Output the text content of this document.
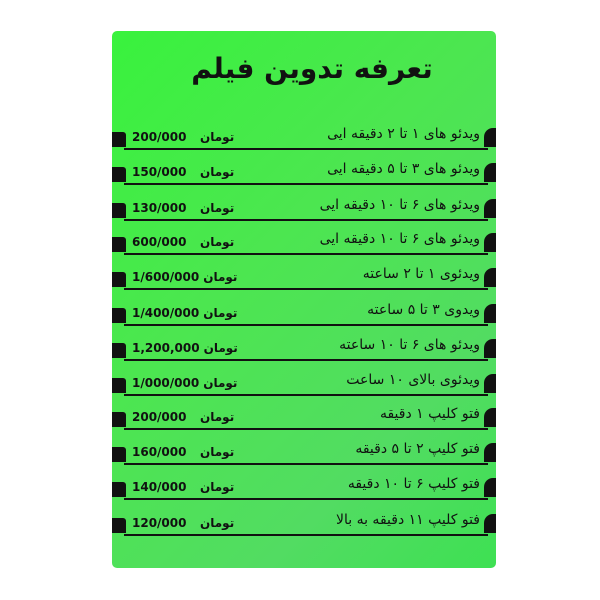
تعرفه تدوین فیلم
200/000 تومان	ویدئو های ۱ تا ۲ دقیقه ایی
150/000 تومان	ویدئو های ۳ تا ۵ دقیقه ایی
130/000 تومان	ویدئو های ۶ تا ۱۰ دقیقه ایی
600/000 تومان	ویدئو های ۶ تا ۱۰ دقیقه ایی
1/600/000 تومان	ویدئوی ۱ تا ۲ ساعته
1/400/000 تومان	ویدوی ۳ تا ۵ ساعته
1,200,000 تومان	ویدئو های ۶ تا ۱۰ ساعته
1/000/000 تومان	ویدئوی بالای ۱۰ ساعت
200/000 تومان	فتو کلیپ ۱ دقیقه
160/000 تومان	فتو کلیپ ۲ تا ۵ دقیقه
140/000 تومان	فتو کلیپ ۶ تا ۱۰ دقیقه
120/000 تومان	فتو کلیپ ۱۱ دقیقه به بالا
